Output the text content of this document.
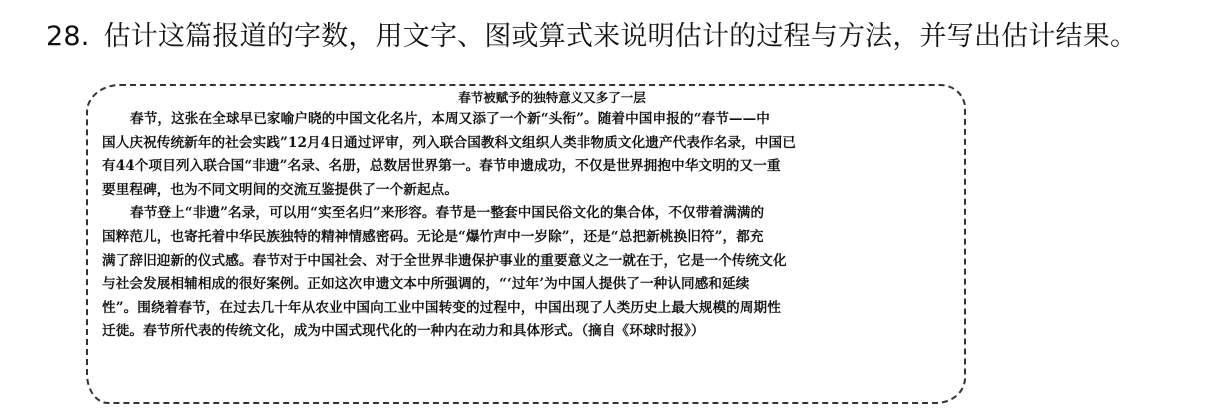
28. 估计这篇报道的字数，用文字、图或算式来说明估计的过程与方法，并写出估计结果。
春节被赋予的独特意义又多了一层
春节，这张在全球早已家喻户晓的中国文化名片，本周又添了一个新“头衔”。随着中国申报的“春节——中
国人庆祝传统新年的社会实践”12月4日通过评审，列入联合国教科文组织人类非物质文化遗产代表作名录，中国已
有44个项目列入联合国“非遗”名录、名册，总数居世界第一。春节申遗成功，不仅是世界拥抱中华文明的又一重
要里程碑，也为不同文明间的交流互鉴提供了一个新起点。
春节登上“非遗”名录，可以用“实至名归”来形容。春节是一整套中国民俗文化的集合体，不仅带着满满的
国粹范儿，也寄托着中华民族独特的精神情感密码。无论是“爆竹声中一岁除”，还是“总把新桃换旧符”，都充
满了辞旧迎新的仪式感。春节对于中国社会、对于全世界非遗保护事业的重要意义之一就在于，它是一个传统文化
与社会发展相辅相成的很好案例。正如这次申遗文本中所强调的，“‘过年’为中国人提供了一种认同感和延续
性”。围绕着春节，在过去几十年从农业中国向工业中国转变的过程中，中国出现了人类历史上最大规模的周期性
迁徙。春节所代表的传统文化，成为中国式现代化的一种内在动力和具体形式。（摘自《环球时报》）
